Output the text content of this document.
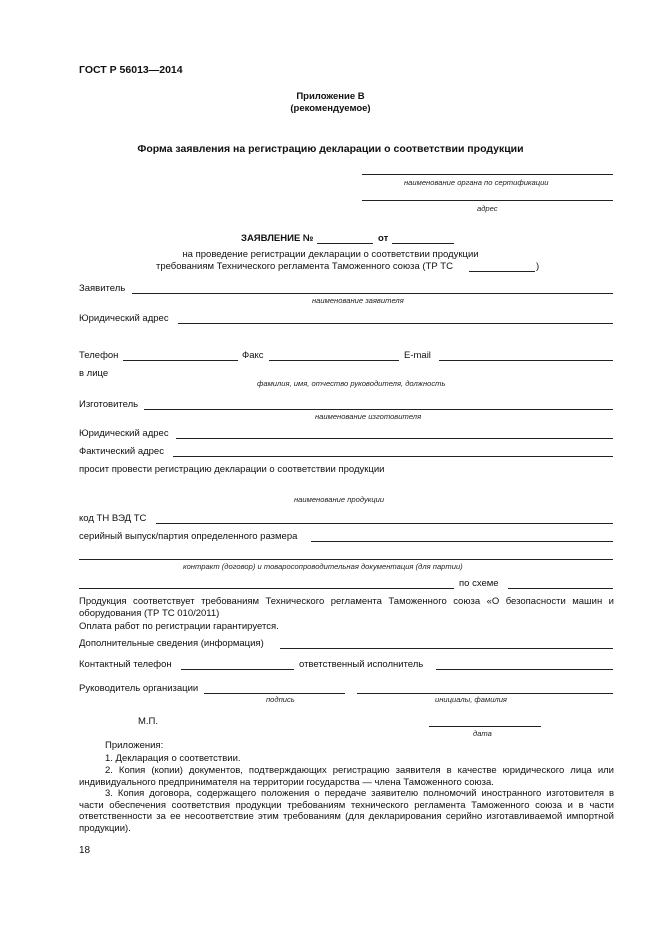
ГОСТ Р 56013—2014
Приложение В
(рекомендуемое)
Форма заявления на регистрацию декларации о соответствии продукции
наименование органа по сертификации
адрес
ЗАЯВЛЕНИЕ №	от
на проведение регистрации декларации о соответствии продукции
требованиям Технического регламента Таможенного союза (ТР ТС	)
Заявитель
наименование заявителя
Юридический адрес
Телефон	Факс	E-mail
в лице
фамилия, имя, отчество руководителя, должность
Изготовитель
наименование изготовителя
Юридический адрес
Фактический адрес
просит провести регистрацию декларации о соответствии продукции
наименование продукции
код ТН ВЭД ТС
серийный выпуск/партия определенного размера
контракт (договор) и товаросопроводительная документация (для партии)
по схеме
Продукция соответствует требованиям Технического регламента Таможенного союза «О безопасности машин и оборудования (ТР ТС 010/2011)
Оплата работ по регистрации гарантируется.
Дополнительные сведения (информация)
Контактный телефон	ответственный исполнитель
Руководитель организации
подпись	инициалы, фамилия
М.П.
дата
Приложения:
1. Декларация о соответствии.
2. Копия (копии) документов, подтверждающих регистрацию заявителя в качестве юридического лица или индивидуального предпринимателя на территории государства — члена Таможенного союза.
3. Копия договора, содержащего положения о передаче заявителю полномочий иностранного изготовителя в части обеспечения соответствия продукции требованиям технического регламента Таможенного союза и в части ответственности за ее несоответствие этим требованиям (для декларирования серийно изготавливаемой импортной продукции).
18
